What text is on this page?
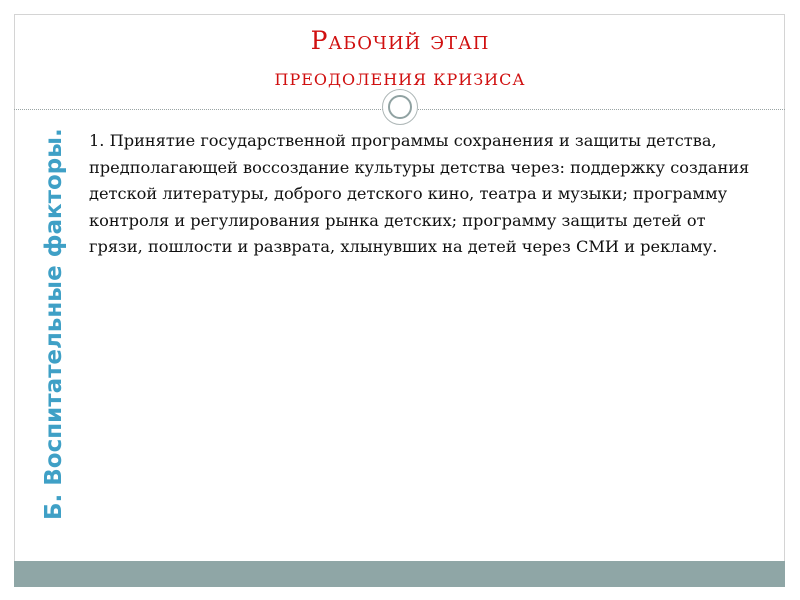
Рабочий этап
ПРЕОДОЛЕНИЯ КРИЗИСА
Б. Воспитательные факторы. 1. Принятие государственной программы сохранения и защиты детства, предполагающей воссоздание культуры детства через: поддержку создания детской литературы, доброго детского кино, театра и музыки; программу контроля и регулирования рынка детских; программу защиты детей от грязи, пошлости и разврата, хлынувших на детей через СМИ и рекламу.
